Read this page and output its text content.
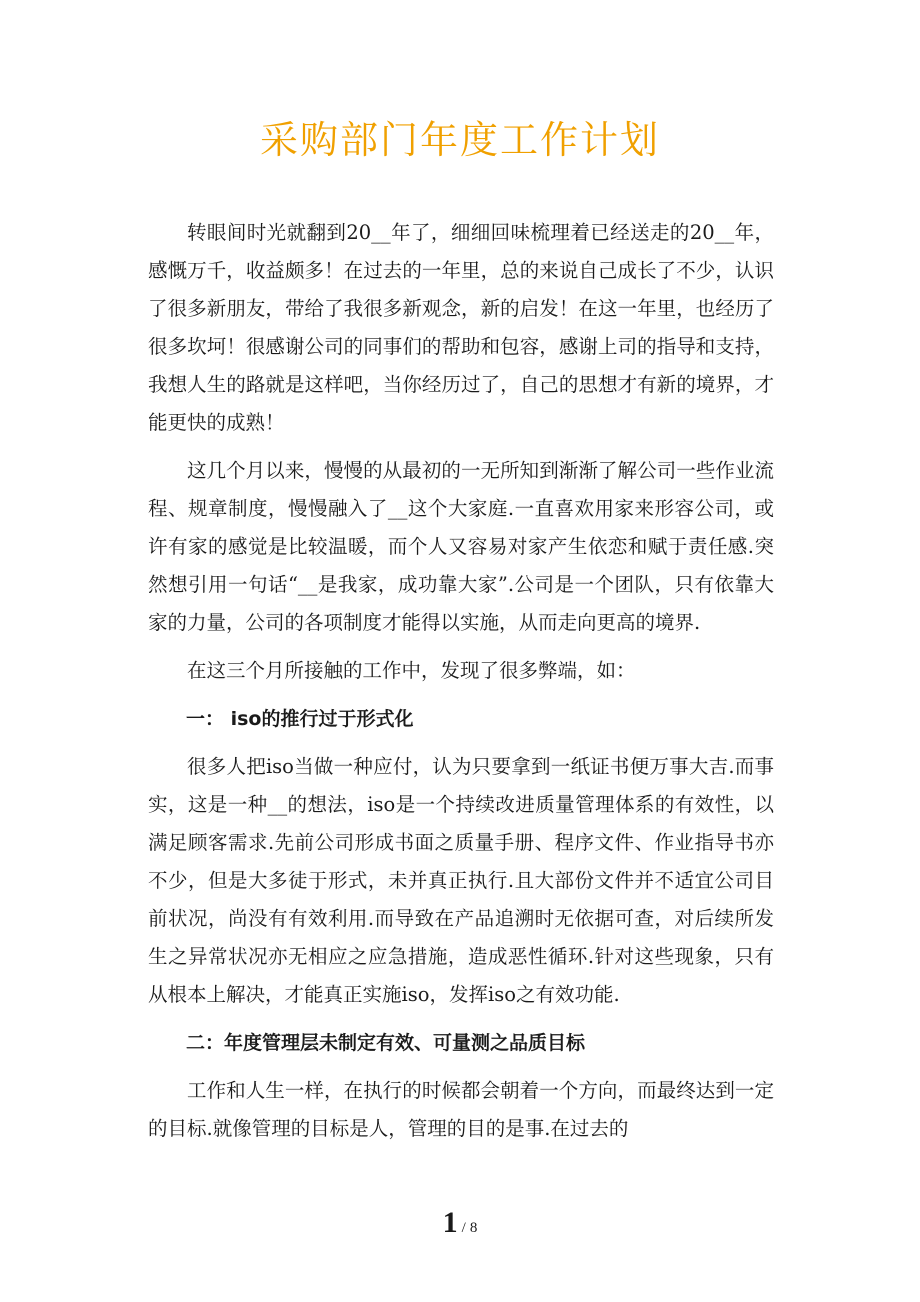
采购部门年度工作计划

转眼间时光就翻到20__年了，细细回味梳理着已经送走的20__年，感慨万千，收益颇多！在过去的一年里，总的来说自己成长了不少，认识了很多新朋友，带给了我很多新观念，新的启发！在这一年里，也经历了很多坎坷！很感谢公司的同事们的帮助和包容，感谢上司的指导和支持，我想人生的路就是这样吧，当你经历过了，自己的思想才有新的境界，才能更快的成熟！

这几个月以来，慢慢的从最初的一无所知到渐渐了解公司一些作业流程、规章制度，慢慢融入了__这个大家庭.一直喜欢用家来形容公司，或许有家的感觉是比较温暖，而个人又容易对家产生依恋和赋于责任感.突然想引用一句话“__是我家，成功靠大家”.公司是一个团队，只有依靠大家的力量，公司的各项制度才能得以实施，从而走向更高的境界.

在这三个月所接触的工作中，发现了很多弊端，如：

一： iso的推行过于形式化

很多人把iso当做一种应付，认为只要拿到一纸证书便万事大吉.而事实，这是一种__的想法，iso是一个持续改进质量管理体系的有效性，以满足顾客需求.先前公司形成书面之质量手册、程序文件、作业指导书亦不少，但是大多徒于形式，未并真正执行.且大部份文件并不适宜公司目前状况，尚没有有效利用.而导致在产品追溯时无依据可查，对后续所发生之异常状况亦无相应之应急措施，造成恶性循环.针对这些现象，只有从根本上解决，才能真正实施iso，发挥iso之有效功能.

二：年度管理层未制定有效、可量测之品质目标

工作和人生一样，在执行的时候都会朝着一个方向，而最终达到一定的目标.就像管理的目标是人，管理的目的是事.在过去的

1 / 8
